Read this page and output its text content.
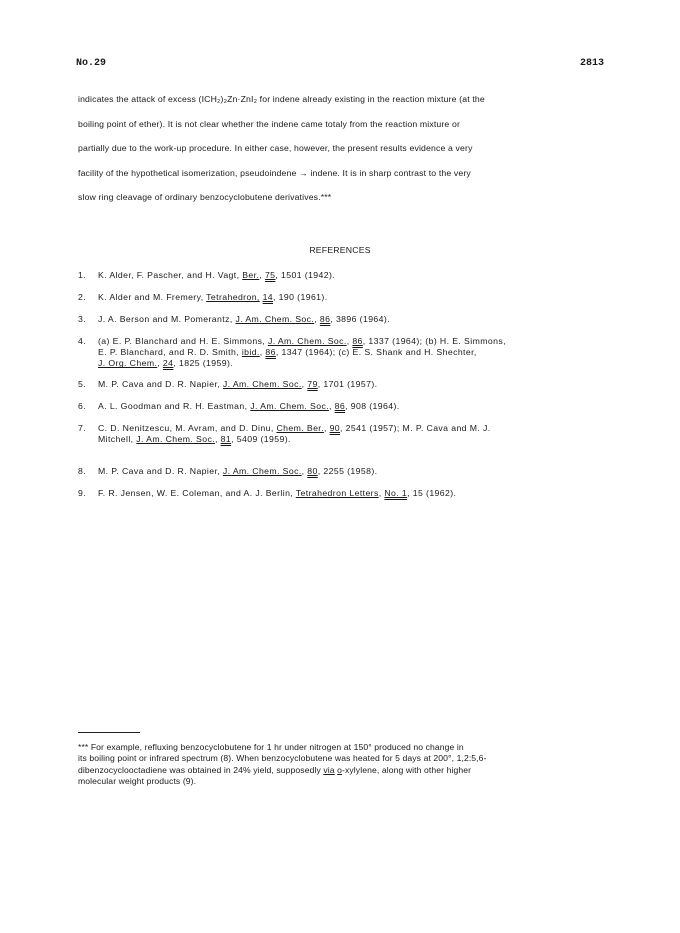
No.29	2813
indicates the attack of excess (ICH₂)₂Zn·ZnI₂ for indene already existing in the reaction mixture (at the
boiling point of ether). It is not clear whether the indene came totaly from the reaction mixture or
partially due to the work-up procedure. In either case, however, the present results evidence a very
facility of the hypothetical isomerization, pseudoindene → indene. It is in sharp contrast to the very
slow ring cleavage of ordinary benzocyclobutene derivatives.***
REFERENCES
1.	K. Alder, F. Pascher, and H. Vagt, Ber., 75, 1501 (1942).
2.	K. Alder and M. Fremery, Tetrahedron, 14, 190 (1961).
3.	J. A. Berson and M. Pomerantz, J. Am. Chem. Soc., 86, 3896 (1964).
4.	(a) E. P. Blanchard and H. E. Simmons, J. Am. Chem. Soc., 86, 1337 (1964); (b) H. E. Simmons,
E. P. Blanchard, and R. D. Smith, ibid., 86, 1347 (1964); (c) E. S. Shank and H. Shechter,
J. Org. Chem., 24, 1825 (1959).
5.	M. P. Cava and D. R. Napier, J. Am. Chem. Soc., 79, 1701 (1957).
6.	A. L. Goodman and R. H. Eastman, J. Am. Chem. Soc., 86, 908 (1964).
7.	C. D. Nenitzescu, M. Avram, and D. Dinu, Chem. Ber., 90, 2541 (1957); M. P. Cava and M. J.
Mitchell, J. Am. Chem. Soc., 81, 5409 (1959).
8.	M. P. Cava and D. R. Napier, J. Am. Chem. Soc., 80, 2255 (1958).
9.	F. R. Jensen, W. E. Coleman, and A. J. Berlin, Tetrahedron Letters, No. 1, 15 (1962).
*** For example, refluxing benzocyclobutene for 1 hr under nitrogen at 150° produced no change in
its boiling point or infrared spectrum (8). When benzocyclobutene was heated for 5 days at 200°, 1,2:5,6-
dibenzocyclooctadiene was obtained in 24% yield, supposedly via o-xylylene, along with other higher
molecular weight products (9).
